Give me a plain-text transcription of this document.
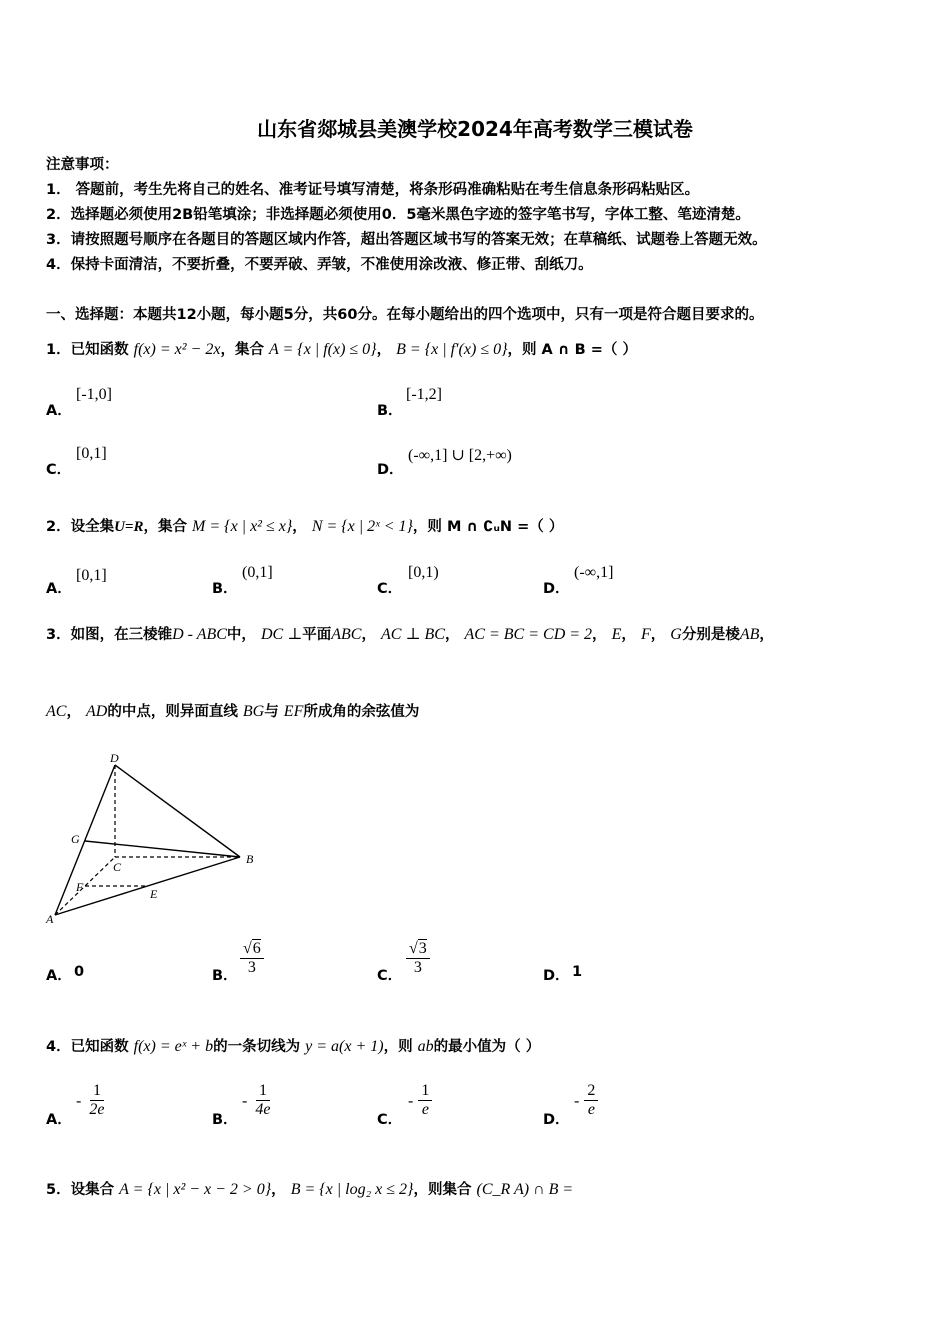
山东省郯城县美澳学校2024年高考数学三模试卷
注意事项：
1． 答题前，考生先将自己的姓名、准考证号填写清楚，将条形码准确粘贴在考生信息条形码粘贴区。
2．选择题必须使用2B铅笔填涂；非选择题必须使用0．5毫米黑色字迹的签字笔书写，字体工整、笔迹清楚。
3．请按照题号顺序在各题目的答题区域内作答，超出答题区域书写的答案无效；在草稿纸、试题卷上答题无效。
4．保持卡面清洁，不要折叠，不要弄破、弄皱，不准使用涂改液、修正带、刮纸刀。
一、选择题：本题共12小题，每小题5分，共60分。在每小题给出的四个选项中，只有一项是符合题目要求的。
1．已知函数 f(x) = x² − 2x，集合 A = {x | f(x) ≤ 0}， B = {x | f′(x) ≤ 0}，则 A ∩ B =（ ）
A．
[-1,0]
B．
[-1,2]
C．
[0,1]
D．
(-∞,1] ∪ [2,+∞)
2．设全集U=R，集合 M = {x | x² ≤ x}， N = {x | 2ˣ < 1}，则 M ∩ ∁ᵤN =（ ）
A．
[0,1]
B．
(0,1]
C．
[0,1)
D．
(-∞,1]
3．如图，在三棱锥D - ABC中， DC ⊥平面ABC， AC ⊥ BC， AC = BC = CD = 2， E， F， G分别是棱AB，
AC， AD的中点，则异面直线 BG与 EF所成角的余弦值为
D
G
C
B
F	E
A
A． 0	B． $\frac{√6}{3}$	C． $\frac{√3}{3}$	D． 1
4．已知函数 f(x) = eˣ + b的一条切线为 y = a(x + 1)，则 ab的最小值为（ ）
A．
- $\frac{1}{2e}$
B．
- $\frac{1}{4e}$
C．
- $\frac{1}{e}$
D．
- $\frac{2}{e}$
5．设集合 A = {x | x² − x − 2 > 0}， B = {x | log₂ x ≤ 2}，则集合 (C_R A) ∩ B =
